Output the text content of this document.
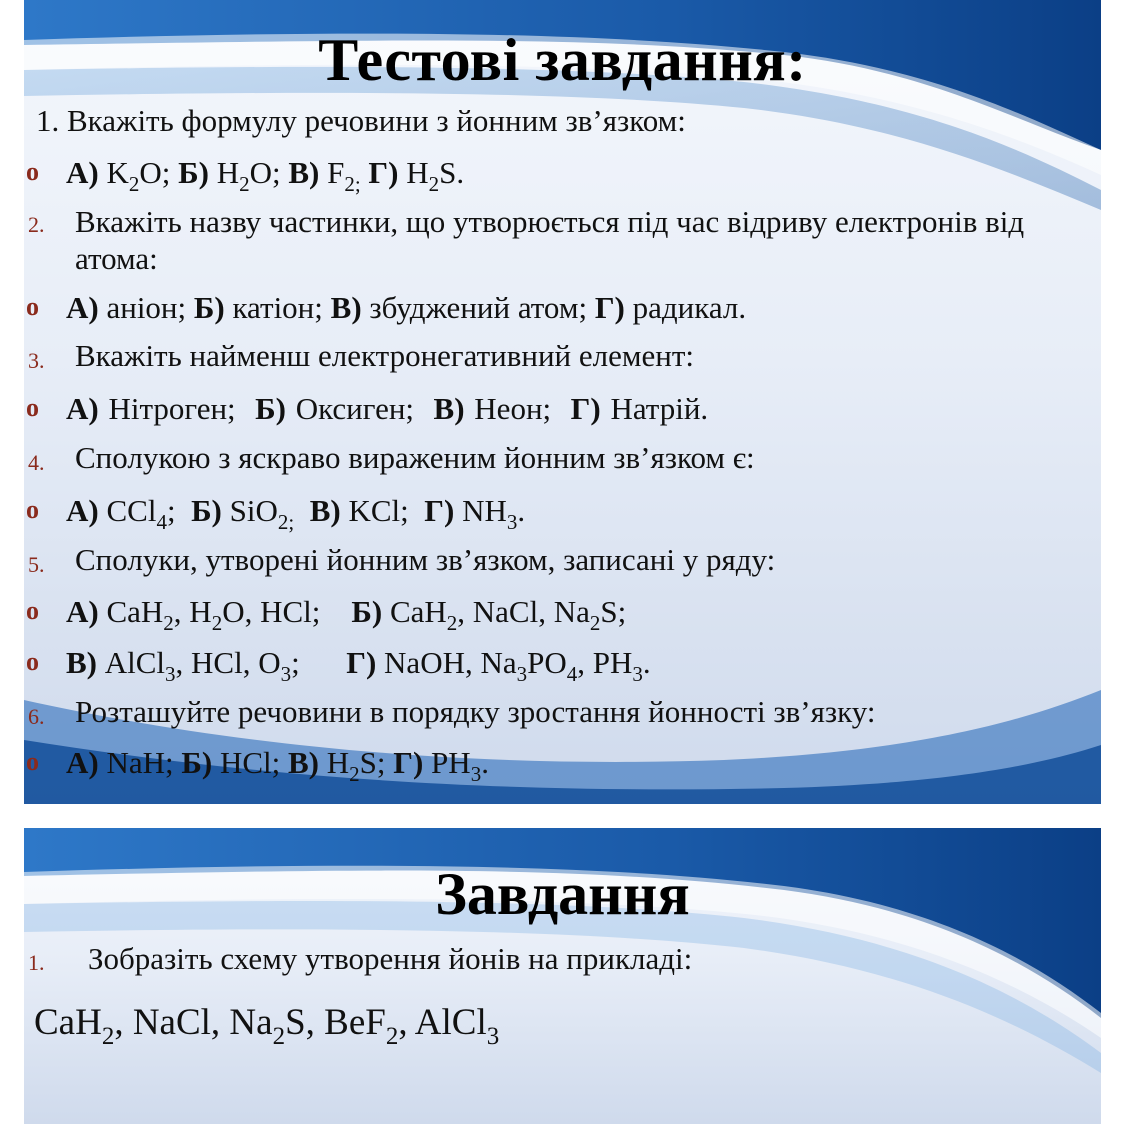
Тестові завдання:
1. Вкажіть формулу речовини з йонним зв’язком:
o А) $K_2O$; Б) $H_2O$; В) $F_{2;}$ Г) $H_2S$.
2. Вкажіть назву частинки, що утворюється під час відриву електронів від атома:
o А) аніон; Б) катіон; В) збуджений атом; Г) радикал.
3. Вкажіть найменш електронегативний елемент:
o А) Нітроген; Б) Оксиген; В) Неон; Г) Натрій.
4. Сполукою з яскраво вираженим йонним зв’язком є:
o А) CCl$_4$; Б) SiO$_{2;}$ В) KCl; Г) $NH_3$.
5. Сполуки, утворені йонним зв’язком, записані у ряду:
o А) CaH$_2$, $H_2O$, HCl; Б) CaH$_2$, NaCl, $Na_2S$;
o В) AlCl$_3$, HCl, $O_3$; Г) NaOH, $Na_3PO_4$, $PH_3$.
6. Розташуйте речовини в порядку зростання йонності зв’язку:
o А) NaH; Б) HCl; В) $H_2S$; Г) $PH_3$.
Завдання
1. Зобразіть схему утворення йонів на прикладі:
CaH$_2$, NaCl, $Na_2S$, BeF$_2$, AlCl$_3$
